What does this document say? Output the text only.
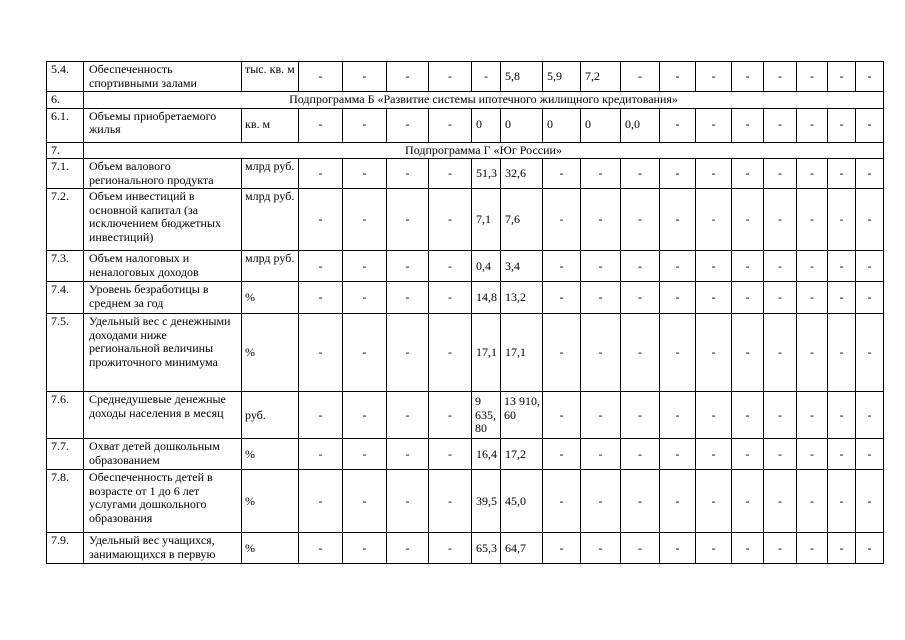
5.4.	Обеспеченность спортивными залами	тыс. кв. м	-	-	-	-	-	5,8	5,9	7,2	-	-	-	-	-	-	-	-
6.	Подпрограмма Б «Развитие системы ипотечного жилищного кредитования»																	
6.1.	Объемы приобретаемого жилья	кв. м	-	-	-	-	0	0	0	0	0,0	-	-	-	-	-	-	-
7.	Подпрограмма Г «Юг России»																	
7.1.	Объем валового регионального продукта	млрд руб.	-	-	-	-	51,3	32,6	-	-	-	-	-	-	-	-	-	-
7.2.	Объем инвестиций в основной капитал (за исключением бюджетных инвестиций)	млрд руб.	-	-	-	-	7,1	7,6	-	-	-	-	-	-	-	-	-	-
7.3.	Объем налоговых и неналоговых доходов	млрд руб.	-	-	-	-	0,4	3,4	-	-	-	-	-	-	-	-	-	-
7.4.	Уровень безработицы в среднем за год	%	-	-	-	-	14,8	13,2	-	-	-	-	-	-	-	-	-	-
7.5.	Удельный вес с денежными доходами ниже региональной величины прожиточного минимума	%	-	-	-	-	17,1	17,1	-	-	-	-	-	-	-	-	-	-
7.6.	Среднедушевые денежные доходы населения в месяц	руб.	-	-	-	-	9 635, 80	13 910, 60	-	-	-	-	-	-	-	-	-	-
7.7.	Охват детей дошкольным образованием	%	-	-	-	-	16,4	17,2	-	-	-	-	-	-	-	-	-	-
7.8.	Обеспеченность детей в возрасте от 1 до 6 лет услугами дошкольного образования	%	-	-	-	-	39,5	45,0	-	-	-	-	-	-	-	-	-	-
7.9.	Удельный вес учащихся, занимающихся в первую	%	-	-	-	-	65,3	64,7	-	-	-	-	-	-	-	-	-	-
